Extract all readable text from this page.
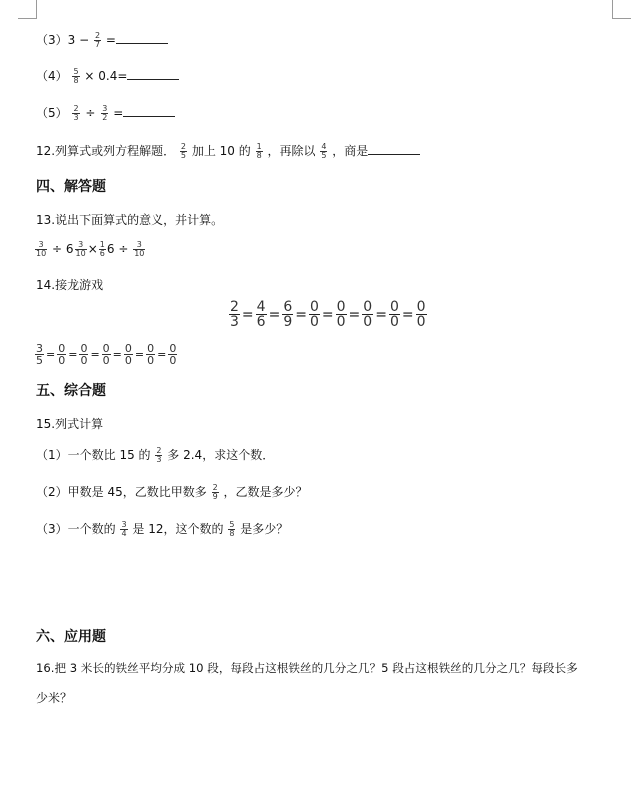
$(3)3 - \frac{2}{7}$ =
$(4) \frac{5}{8} \times 0.4=$
$(5) \frac{2}{3} \div \frac{3}{2}$ =
12.列算式或列方程解题． $\frac{2}{5}$ 加上 10 的 $\frac{1}{8}$ ，再除以 $\frac{4}{5}$ ，商是
四、解答题
13.说出下面算式的意义，并计算。
$\frac{3}{10} \div 6 \frac{3}{10} \times \frac{1}{6} 6 \div \frac{3}{10}$
14.接龙游戏
$\frac{2}{3} = \frac{4}{6} = \frac{6}{9} = \frac{0}{0} = \frac{0}{0} = \frac{0}{0} = \frac{0}{0} = \frac{0}{0}$
$\frac{3}{5} = \frac{0}{0} = \frac{0}{0} = \frac{0}{0} = \frac{0}{0} = \frac{0}{0} = \frac{0}{0}$
五、综合题
15.列式计算
（1）一个数比 15 的 $\frac{2}{3}$ 多 2.4，求这个数．
（2）甲数是 45，乙数比甲数多 $\frac{2}{9}$ ，乙数是多少？
（3）一个数的 $\frac{3}{4}$ 是 12，这个数的 $\frac{5}{8}$ 是多少？
六、应用题
16.把 3 米长的铁丝平均分成 10 段，每段占这根铁丝的几分之几？5 段占这根铁丝的几分之几？每段长多
少米？
